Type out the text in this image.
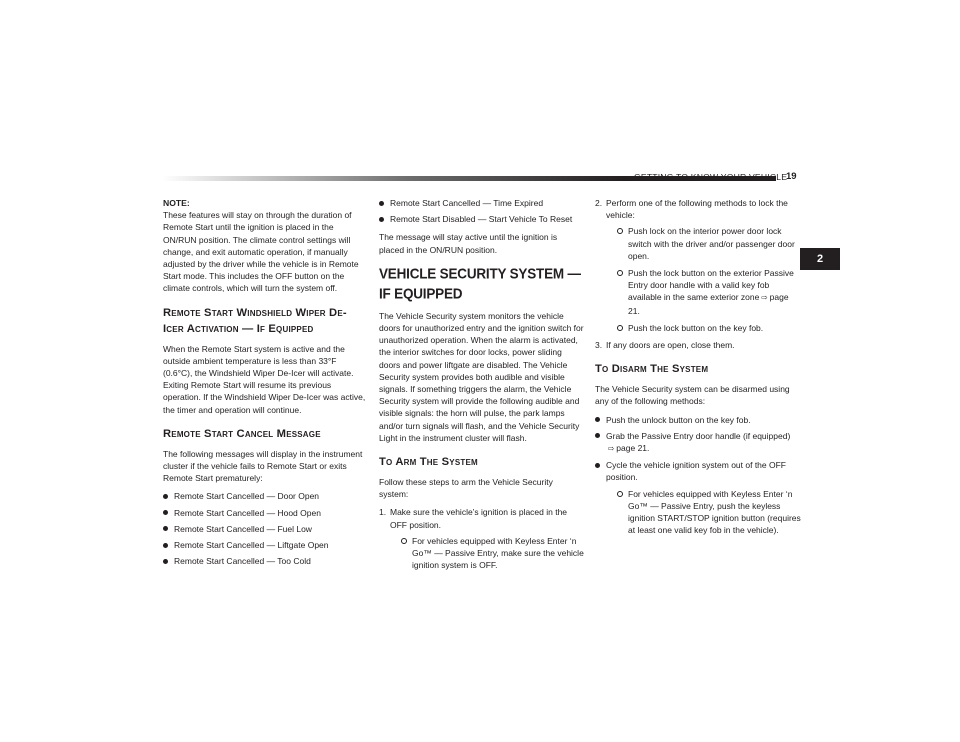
GETTING TO KNOW YOUR VEHICLE
19
2
NOTE:

These features will stay on through the duration of Remote Start until the ignition is placed in the ON/RUN position. The climate control settings will change, and exit automatic operation, if manually adjusted by the driver while the vehicle is in Remote Start mode. This includes the OFF button on the climate controls, which will turn the system off.

Remote Start Windshield Wiper De-Icer Activation — If Equipped

When the Remote Start system is active and the outside ambient temperature is less than 33°F (0.6°C), the Windshield Wiper De-Icer will activate. Exiting Remote Start will resume its previous operation. If the Windshield Wiper De-Icer was active, the timer and operation will continue.

Remote Start Cancel Message

The following messages will display in the instrument cluster if the vehicle fails to Remote Start or exits Remote Start prematurely:

Remote Start Cancelled — Door Open
Remote Start Cancelled — Hood Open
Remote Start Cancelled — Fuel Low
Remote Start Cancelled — Liftgate Open
Remote Start Cancelled — Too Cold
Remote Start Cancelled — Time Expired
Remote Start Disabled — Start Vehicle To Reset

The message will stay active until the ignition is placed in the ON/RUN position.

VEHICLE SECURITY SYSTEM — IF EQUIPPED

The Vehicle Security system monitors the vehicle doors for unauthorized entry and the ignition switch for unauthorized operation. When the alarm is activated, the interior switches for door locks, power sliding doors and power liftgate are disabled. The Vehicle Security system provides both audible and visible signals. If something triggers the alarm, the Vehicle Security system will provide the following audible and visible signals: the horn will pulse, the park lamps and/or turn signals will flash, and the Vehicle Security Light in the instrument cluster will flash.

To Arm The System

Follow these steps to arm the Vehicle Security system:

1. Make sure the vehicle’s ignition is placed in the OFF position.
For vehicles equipped with Keyless Enter ‘n Go™ — Passive Entry, make sure the vehicle ignition system is OFF.
2. Perform one of the following methods to lock the vehicle:
Push lock on the interior power door lock switch with the driver and/or passenger door open.
Push the lock button on the exterior Passive Entry door handle with a valid key fob available in the same exterior zone ⇨ page 21.
Push the lock button on the key fob.
3. If any doors are open, close them.
To Disarm The System

The Vehicle Security system can be disarmed using any of the following methods:

Push the unlock button on the key fob.
Grab the Passive Entry door handle (if equipped)
⇨ page 21.
Cycle the vehicle ignition system out of the OFF position.
For vehicles equipped with Keyless Enter ‘n Go™ — Passive Entry, push the keyless ignition START/STOP ignition button (requires at least one valid key fob in the vehicle).
